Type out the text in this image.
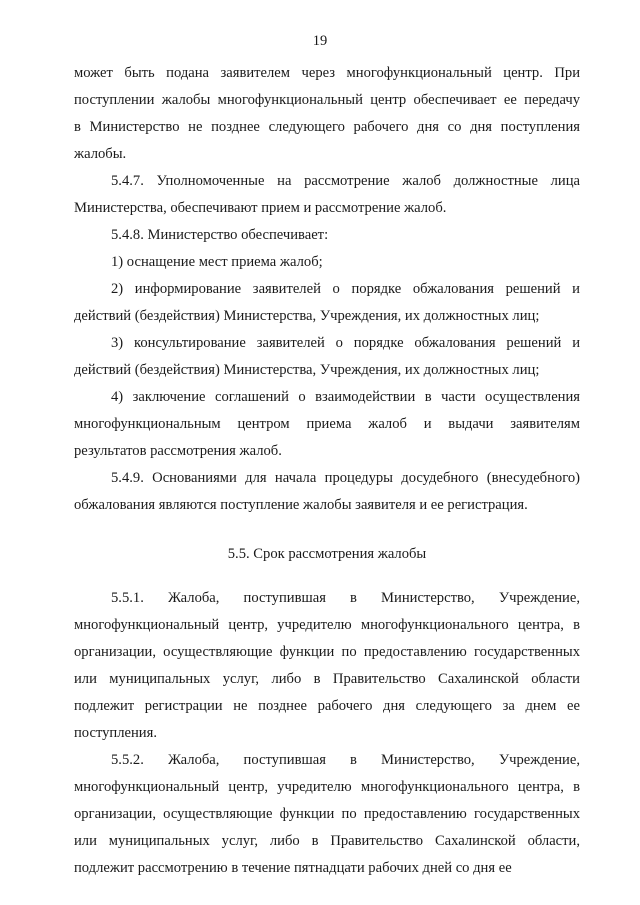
19
может быть подана заявителем через многофункциональный центр. При
поступлении жалобы многофункциональный центр обеспечивает ее передачу
в Министерство не позднее следующего рабочего дня со дня поступления
жалобы.
5.4.7. Уполномоченные на рассмотрение жалоб должностные лица
Министерства, обеспечивают прием и рассмотрение жалоб.
5.4.8. Министерство обеспечивает:
1) оснащение мест приема жалоб;
2) информирование заявителей о порядке обжалования решений и
действий (бездействия) Министерства, Учреждения, их должностных лиц;
3) консультирование заявителей о порядке обжалования решений и
действий (бездействия) Министерства, Учреждения, их должностных лиц;
4) заключение соглашений о взаимодействии в части осуществления
многофункциональным центром приема жалоб и выдачи заявителям
результатов рассмотрения жалоб.
5.4.9. Основаниями для начала процедуры досудебного (внесудебного)
обжалования являются поступление жалобы заявителя и ее регистрация.
5.5. Срок рассмотрения жалобы
5.5.1. Жалоба, поступившая в Министерство, Учреждение,
многофункциональный центр, учредителю многофункционального центра, в
организации, осуществляющие функции по предоставлению государственных
или муниципальных услуг, либо в Правительство Сахалинской области
подлежит регистрации не позднее рабочего дня следующего за днем ее
поступления.
5.5.2. Жалоба, поступившая в Министерство, Учреждение,
многофункциональный центр, учредителю многофункционального центра, в
организации, осуществляющие функции по предоставлению государственных
или муниципальных услуг, либо в Правительство Сахалинской области,
подлежит рассмотрению в течение пятнадцати рабочих дней со дня ее
